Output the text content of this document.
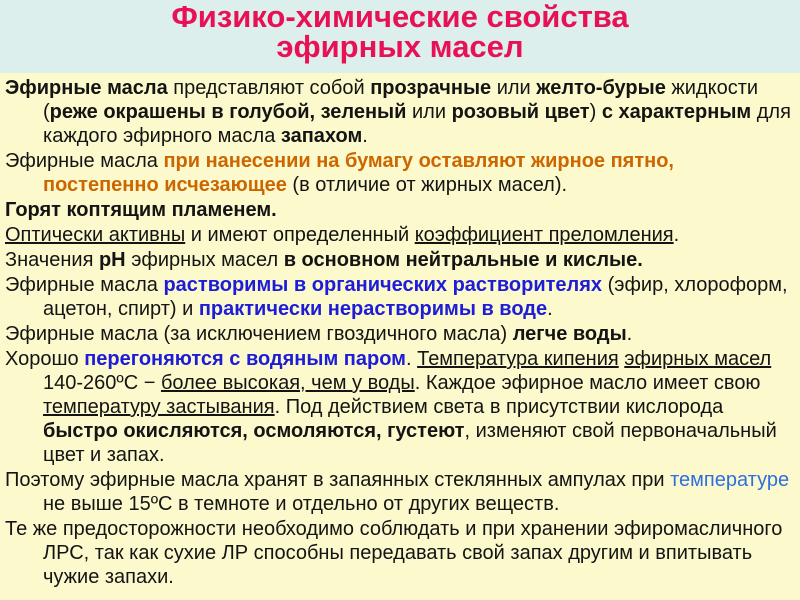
Физико-химические свойства
эфирных масел

Эфирные масла представляют собой прозрачные или желто-бурые жидкости (реже окрашены в голубой, зеленый или розовый цвет) с характерным для каждого эфирного масла запахом.

Эфирные масла при нанесении на бумагу оставляют жирное пятно, постепенно исчезающее (в отличие от жирных масел).

Горят коптящим пламенем.

Оптически активны и имеют определенный коэффициент преломления.

Значения рН эфирных масел в основном нейтральные и кислые.

Эфирные масла растворимы в органических растворителях (эфир, хлороформ, ацетон, спирт) и практически нерастворимы в воде.

Эфирные масла (за исключением гвоздичного масла) легче воды.

Хорошо перегоняются с водяным паром. Температура кипения эфирных масел 140-260ºС − более высокая, чем у воды. Каждое эфирное масло имеет свою температуру застывания. Под действием света в присутствии кислорода быстро окисляются, осмоляются, густеют, изменяют свой первоначальный цвет и запах.

Поэтому эфирные масла хранят в запаянных стеклянных ампулах при температуре не выше 15ºС в темноте и отдельно от других веществ.

Те же предосторожности необходимо соблюдать и при хранении эфиромасличного ЛРС, так как сухие ЛР способны передавать свой запах другим и впитывать чужие запахи.
